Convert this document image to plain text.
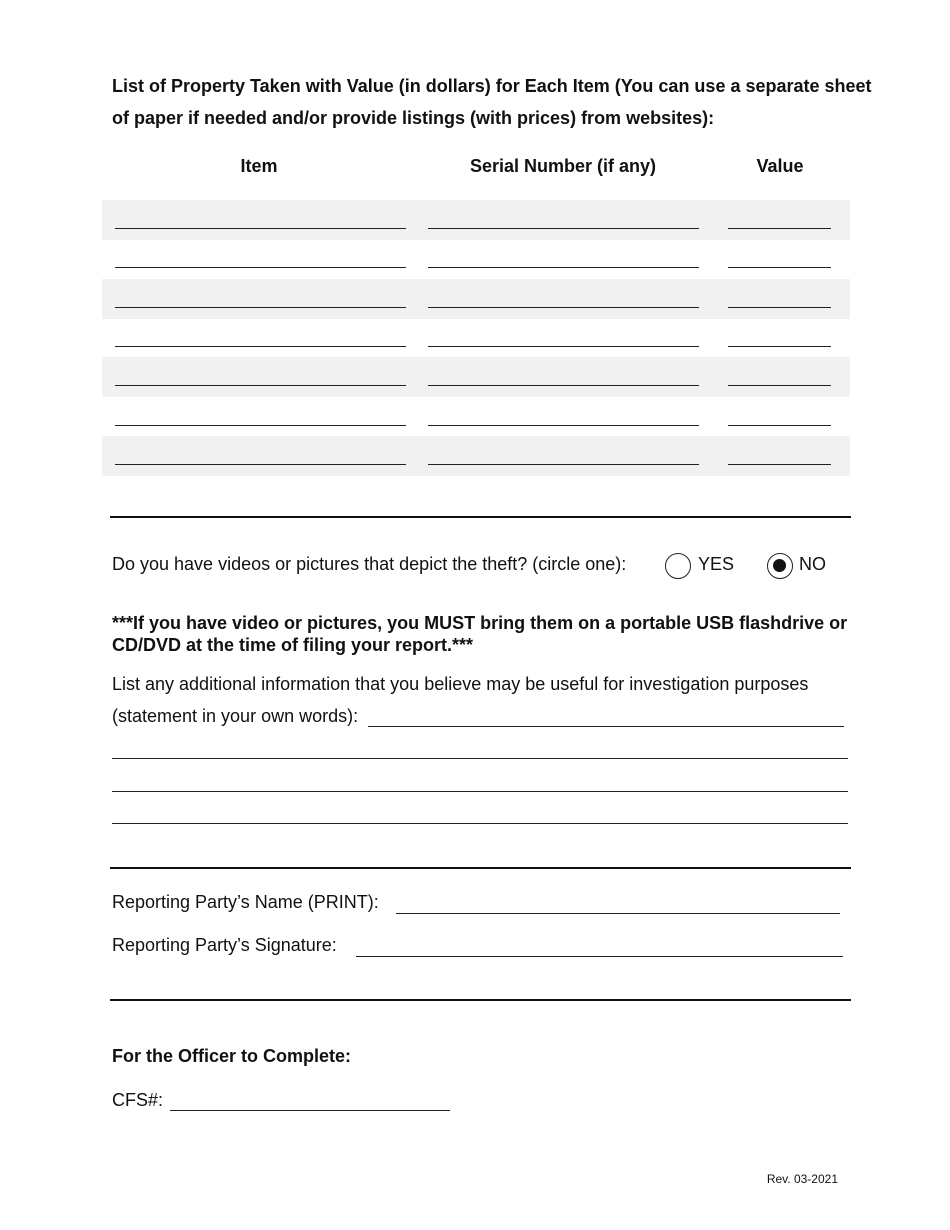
List of Property Taken with Value (in dollars) for Each Item (You can use a separate sheet of paper if needed and/or provide listings (with prices) from websites):
Item	Serial Number (if any)	Value
Do you have videos or pictures that depict the theft? (circle one):	YES	NO
***If you have video or pictures, you MUST bring them on a portable USB flashdrive or CD/DVD at the time of filing your report.***
List any additional information that you believe may be useful for investigation purposes
(statement in your own words):
Reporting Party’s Name (PRINT):
Reporting Party’s Signature:
For the Officer to Complete:
CFS#:
Rev. 03-2021
